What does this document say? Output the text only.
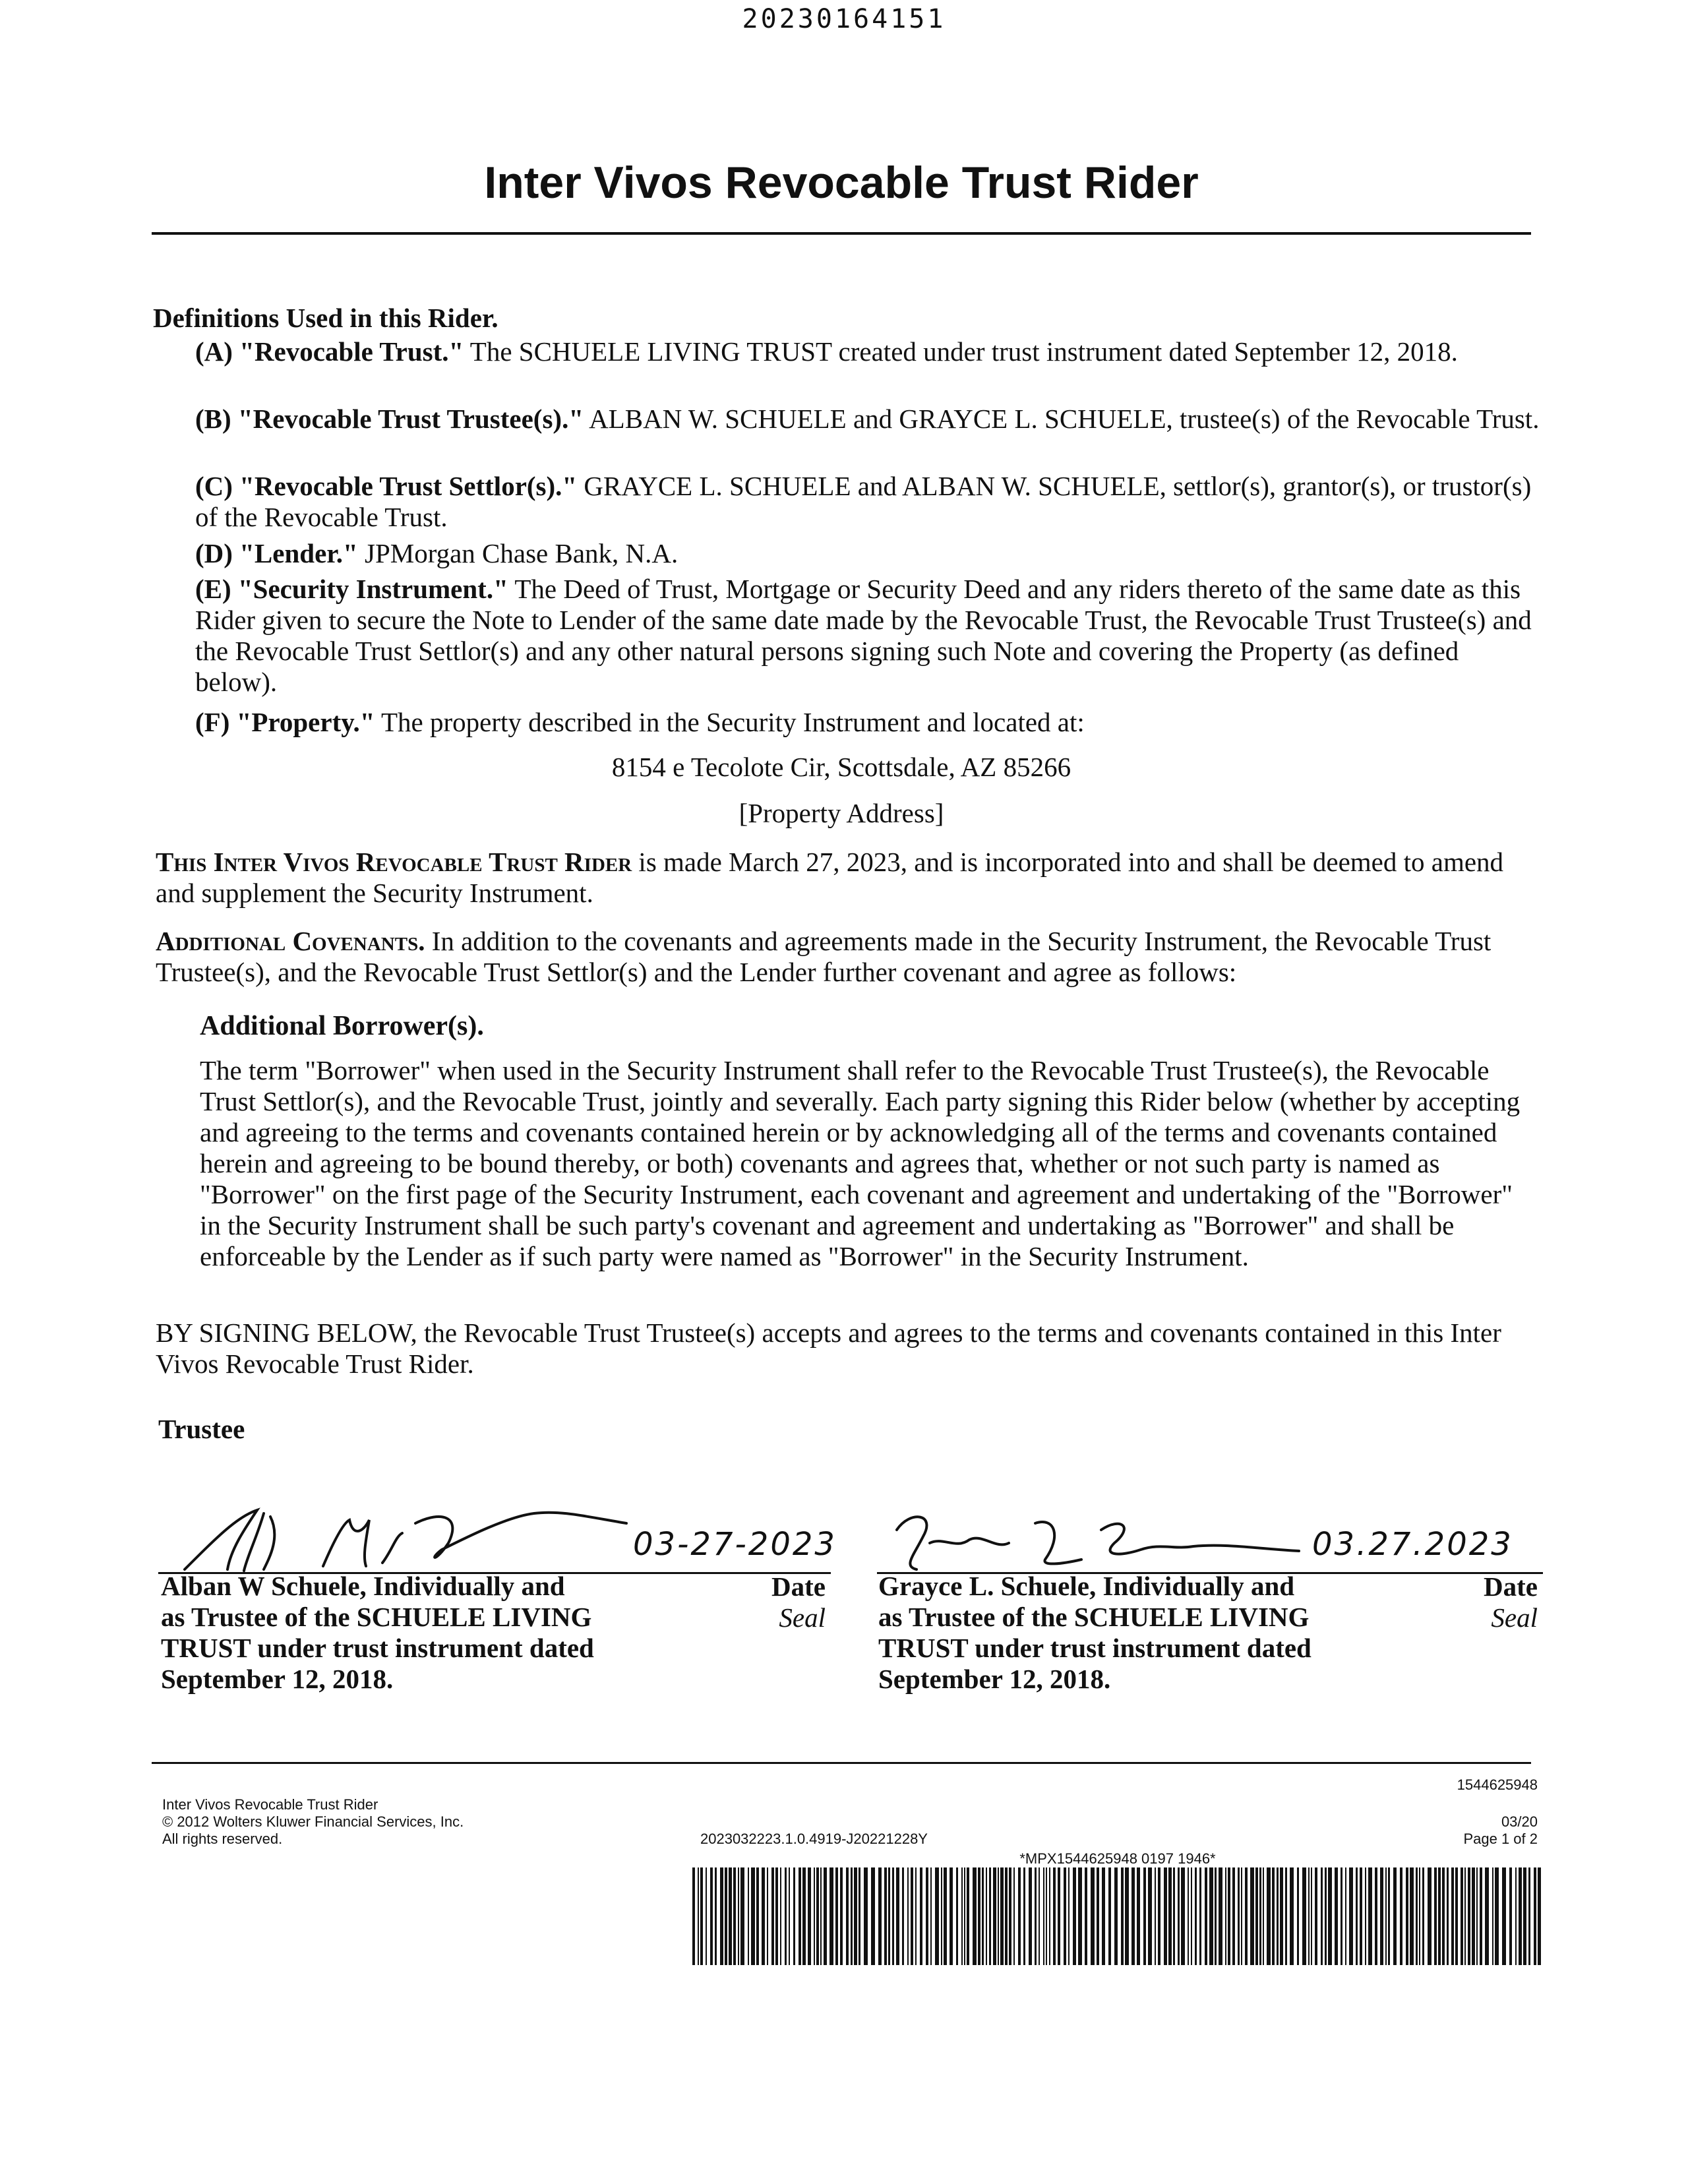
20230164151
Inter Vivos Revocable Trust Rider
Definitions Used in this Rider.
(A) "Revocable Trust." The SCHUELE LIVING TRUST created under trust instrument dated September 12, 2018.
(B) "Revocable Trust Trustee(s)." ALBAN W. SCHUELE and GRAYCE L. SCHUELE, trustee(s) of the Revocable Trust.
(C) "Revocable Trust Settlor(s)." GRAYCE L. SCHUELE and ALBAN W. SCHUELE, settlor(s), grantor(s), or trustor(s) of the Revocable Trust.
(D) "Lender." JPMorgan Chase Bank, N.A.
(E) "Security Instrument." The Deed of Trust, Mortgage or Security Deed and any riders thereto of the same date as this Rider given to secure the Note to Lender of the same date made by the Revocable Trust, the Revocable Trust Trustee(s) and the Revocable Trust Settlor(s) and any other natural persons signing such Note and covering the Property (as defined below).
(F) "Property." The property described in the Security Instrument and located at:
8154 e Tecolote Cir, Scottsdale, AZ 85266
[Property Address]
This Inter Vivos Revocable Trust Rider is made March 27, 2023, and is incorporated into and shall be deemed to amend and supplement the Security Instrument.
Additional Covenants. In addition to the covenants and agreements made in the Security Instrument, the Revocable Trust Trustee(s), and the Revocable Trust Settlor(s) and the Lender further covenant and agree as follows:
Additional Borrower(s).
The term "Borrower" when used in the Security Instrument shall refer to the Revocable Trust Trustee(s), the Revocable Trust Settlor(s), and the Revocable Trust, jointly and severally. Each party signing this Rider below (whether by accepting and agreeing to the terms and covenants contained herein or by acknowledging all of the terms and covenants contained herein and agreeing to be bound thereby, or both) covenants and agrees that, whether or not such party is named as "Borrower" on the first page of the Security Instrument, each covenant and agreement and undertaking of the "Borrower" in the Security Instrument shall be such party's covenant and agreement and undertaking as "Borrower" and shall be enforceable by the Lender as if such party were named as "Borrower" in the Security Instrument.
BY SIGNING BELOW, the Revocable Trust Trustee(s) accepts and agrees to the terms and covenants contained in this Inter Vivos Revocable Trust Rider.
Trustee
03-27-2023
Alban W Schuele, Individually and
as Trustee of the SCHUELE LIVING
TRUST under trust instrument dated
September 12, 2018.
Date
Seal
03.27.2023
Grayce L. Schuele, Individually and
as Trustee of the SCHUELE LIVING
TRUST under trust instrument dated
September 12, 2018.
Date
Seal
Inter Vivos Revocable Trust Rider
© 2012 Wolters Kluwer Financial Services, Inc.
All rights reserved.	2023032223.1.0.4919-J20221228Y
1544625948
03/20
Page 1 of 2
*MPX1544625948 0197 1946*
